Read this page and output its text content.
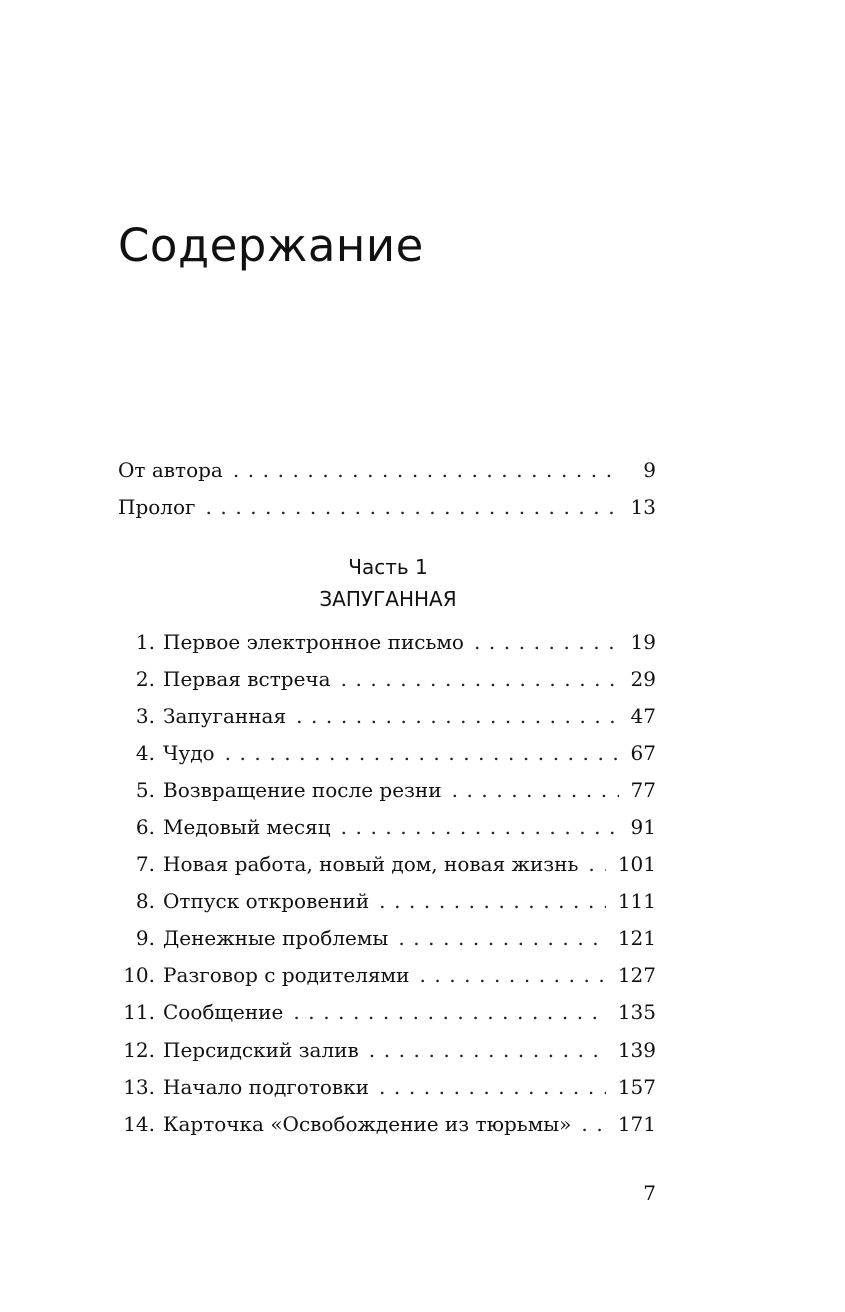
Содержание
От автора . . .	9
Пролог . . .	13
Часть 1
ЗАПУГАННАЯ
1. Первое электронное письмо . . .	19
2. Первая встреча . . .	29
3. Запуганная . . .	47
4. Чудо . . .	67
5. Возвращение после резни . . .	77
6. Медовый месяц . . .	91
7. Новая работа, новый дом, новая жизнь . . . 101
8. Отпуск откровений . . .	111
9. Денежные проблемы . . .	121
10. Разговор с родителями . . .	127
11. Сообщение . . .	135
12. Персидский залив . . .	139
13. Начало подготовки . . .	157
14. Карточка «Освобождение из тюрьмы» . . . 171
7
